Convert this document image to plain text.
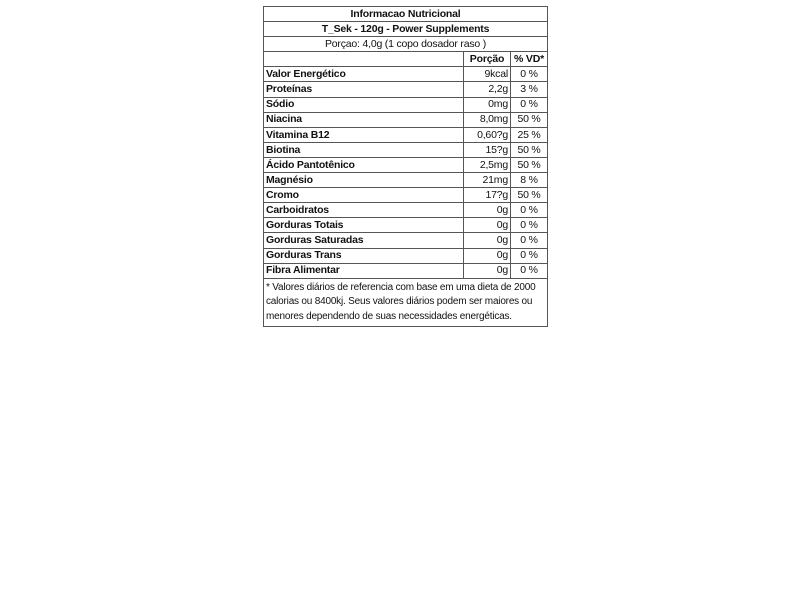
Informacao Nutricional		
T_Sek - 120g - Power Supplements		
Porçao: 4,0g (1 copo dosador raso )		
	Porção	% VD*
Valor Energético	9kcal	0 %
Proteínas	2,2g	3 %
Sódio	0mg	0 %
Niacina	8,0mg	50 %
Vitamina B12	0,60?g	25 %
Biotina	15?g	50 %
Ácido Pantotênico	2,5mg	50 %
Magnésio	21mg	8 %
Cromo	17?g	50 %
Carboidratos	0g	0 %
Gorduras Totais	0g	0 %
Gorduras Saturadas	0g	0 %
Gorduras Trans	0g	0 %
Fibra Alimentar	0g	0 %
* Valores diários de referencia com base em uma dieta de 2000 calorias ou 8400kj. Seus valores diários podem ser maiores ou menores dependendo de suas necessidades energéticas.		
